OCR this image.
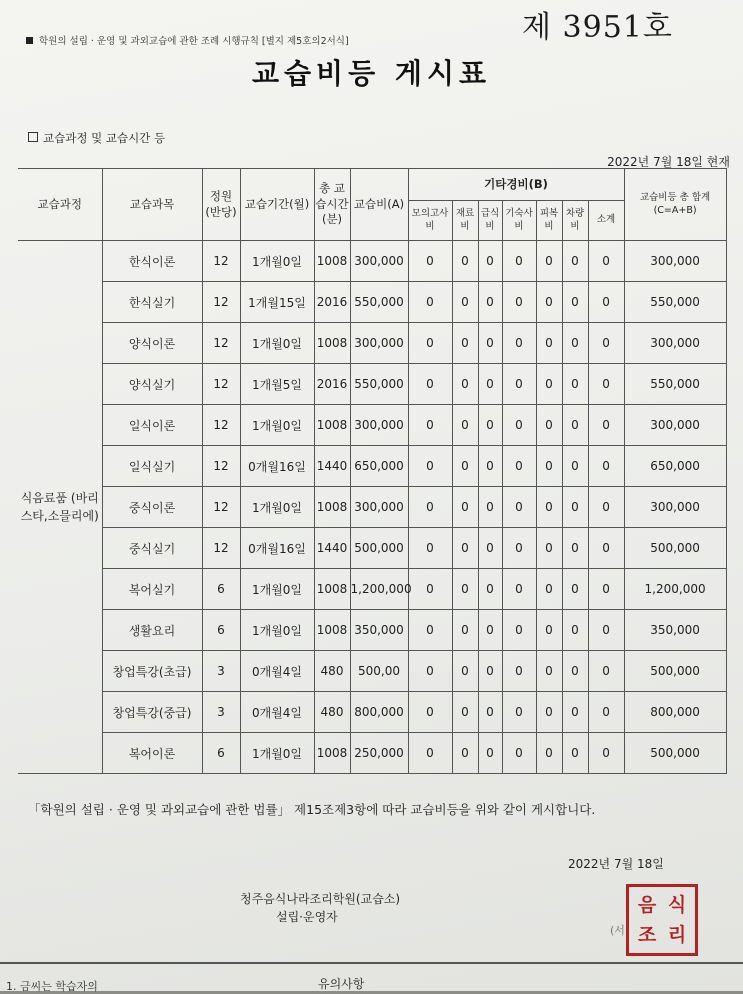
학원의 설립 · 운영 및 과외교습에 관한 조례 시행규칙 [별지 제5호의2서식]	제 3951호
교습비등 게시표
교습과정 및 교습시간 등
2022년 7월 18일 현재
교습과정	교습과목	정원(반당)	교습기간(월)	총 교습시간(분)	교습비(A)	기타경비(B)							교습비등 총 합계 (C=A+B)
						모의고사비	재료비	급식비	기숙사비	피복비	차량비	소계	
식음료품 (바리스타,소믈리에)	한식이론	12	1개월0일	1008	300,000	0	0	0	0	0	0	0	300,000
	한식실기	12	1개월15일	2016	550,000	0	0	0	0	0	0	0	550,000
	양식이론	12	1개월0일	1008	300,000	0	0	0	0	0	0	0	300,000
	양식실기	12	1개월5일	2016	550,000	0	0	0	0	0	0	0	550,000
	일식이론	12	1개월0일	1008	300,000	0	0	0	0	0	0	0	300,000
	일식실기	12	0개월16일	1440	650,000	0	0	0	0	0	0	0	650,000
	중식이론	12	1개월0일	1008	300,000	0	0	0	0	0	0	0	300,000
	중식실기	12	0개월16일	1440	500,000	0	0	0	0	0	0	0	500,000
	복어실기	6	1개월0일	1008	1,200,000	0	0	0	0	0	0	0	1,200,000
	생활요리	6	1개월0일	1008	350,000	0	0	0	0	0	0	0	350,000
	창업특강(초급)	3	0개월4일	480	500,00	0	0	0	0	0	0	0	500,000
	창업특강(중급)	3	0개월4일	480	800,000	0	0	0	0	0	0	0	800,000
	복어이론	6	1개월0일	1008	250,000	0	0	0	0	0	0	0	500,000
「학원의 설립 · 운영 및 과외교습에 관한 법률」 제15조제3항에 따라 교습비등을 위와 같이 게시합니다.
2022년 7월 18일
청주음식나라조리학원(교습소)
설립·운영자
(서
음 식
조 리
1. 금씨는 학습자의	유의사항
